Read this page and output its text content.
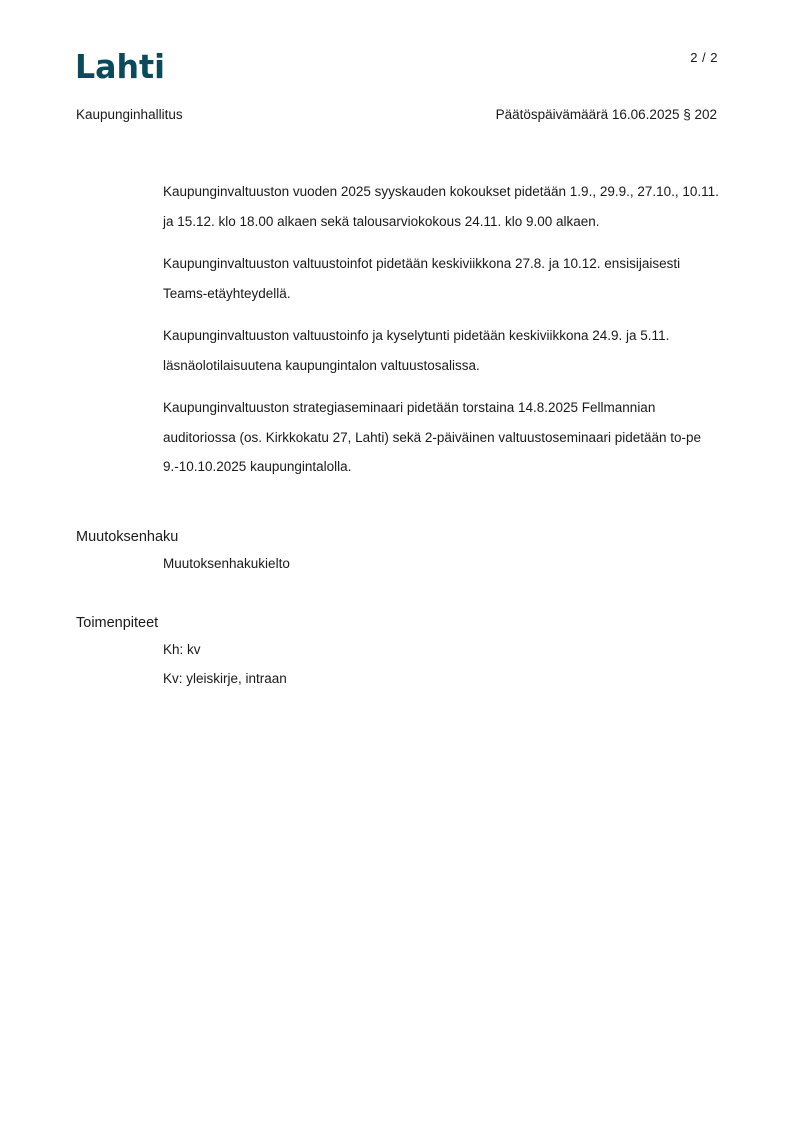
Lahti	2 / 2
Kaupunginhallitus	Päätöspäivämäärä 16.06.2025 § 202

Kaupunginvaltuuston vuoden 2025 syyskauden kokoukset pidetään 1.9., 29.9., 27.10., 10.11. ja 15.12. klo 18.00 alkaen sekä talousarviokokous 24.11. klo 9.00 alkaen.

Kaupunginvaltuuston valtuustoinfot pidetään keskiviikkona 27.8. ja 10.12. ensisijaisesti Teams-etäyhteydellä.

Kaupunginvaltuuston valtuustoinfo ja kyselytunti pidetään keskiviikkona 24.9. ja 5.11. läsnäolotilaisuutena kaupungintalon valtuustosalissa.

Kaupunginvaltuuston strategiaseminaari pidetään torstaina 14.8.2025 Fellmannian auditoriossa (os. Kirkkokatu 27, Lahti) sekä 2-päiväinen valtuustoseminaari pidetään to-pe 9.-10.10.2025 kaupungintalolla.

Muutoksenhaku
Muutoksenhakukielto
Toimenpiteet
Kh: kv
Kv: yleiskirje, intraan
